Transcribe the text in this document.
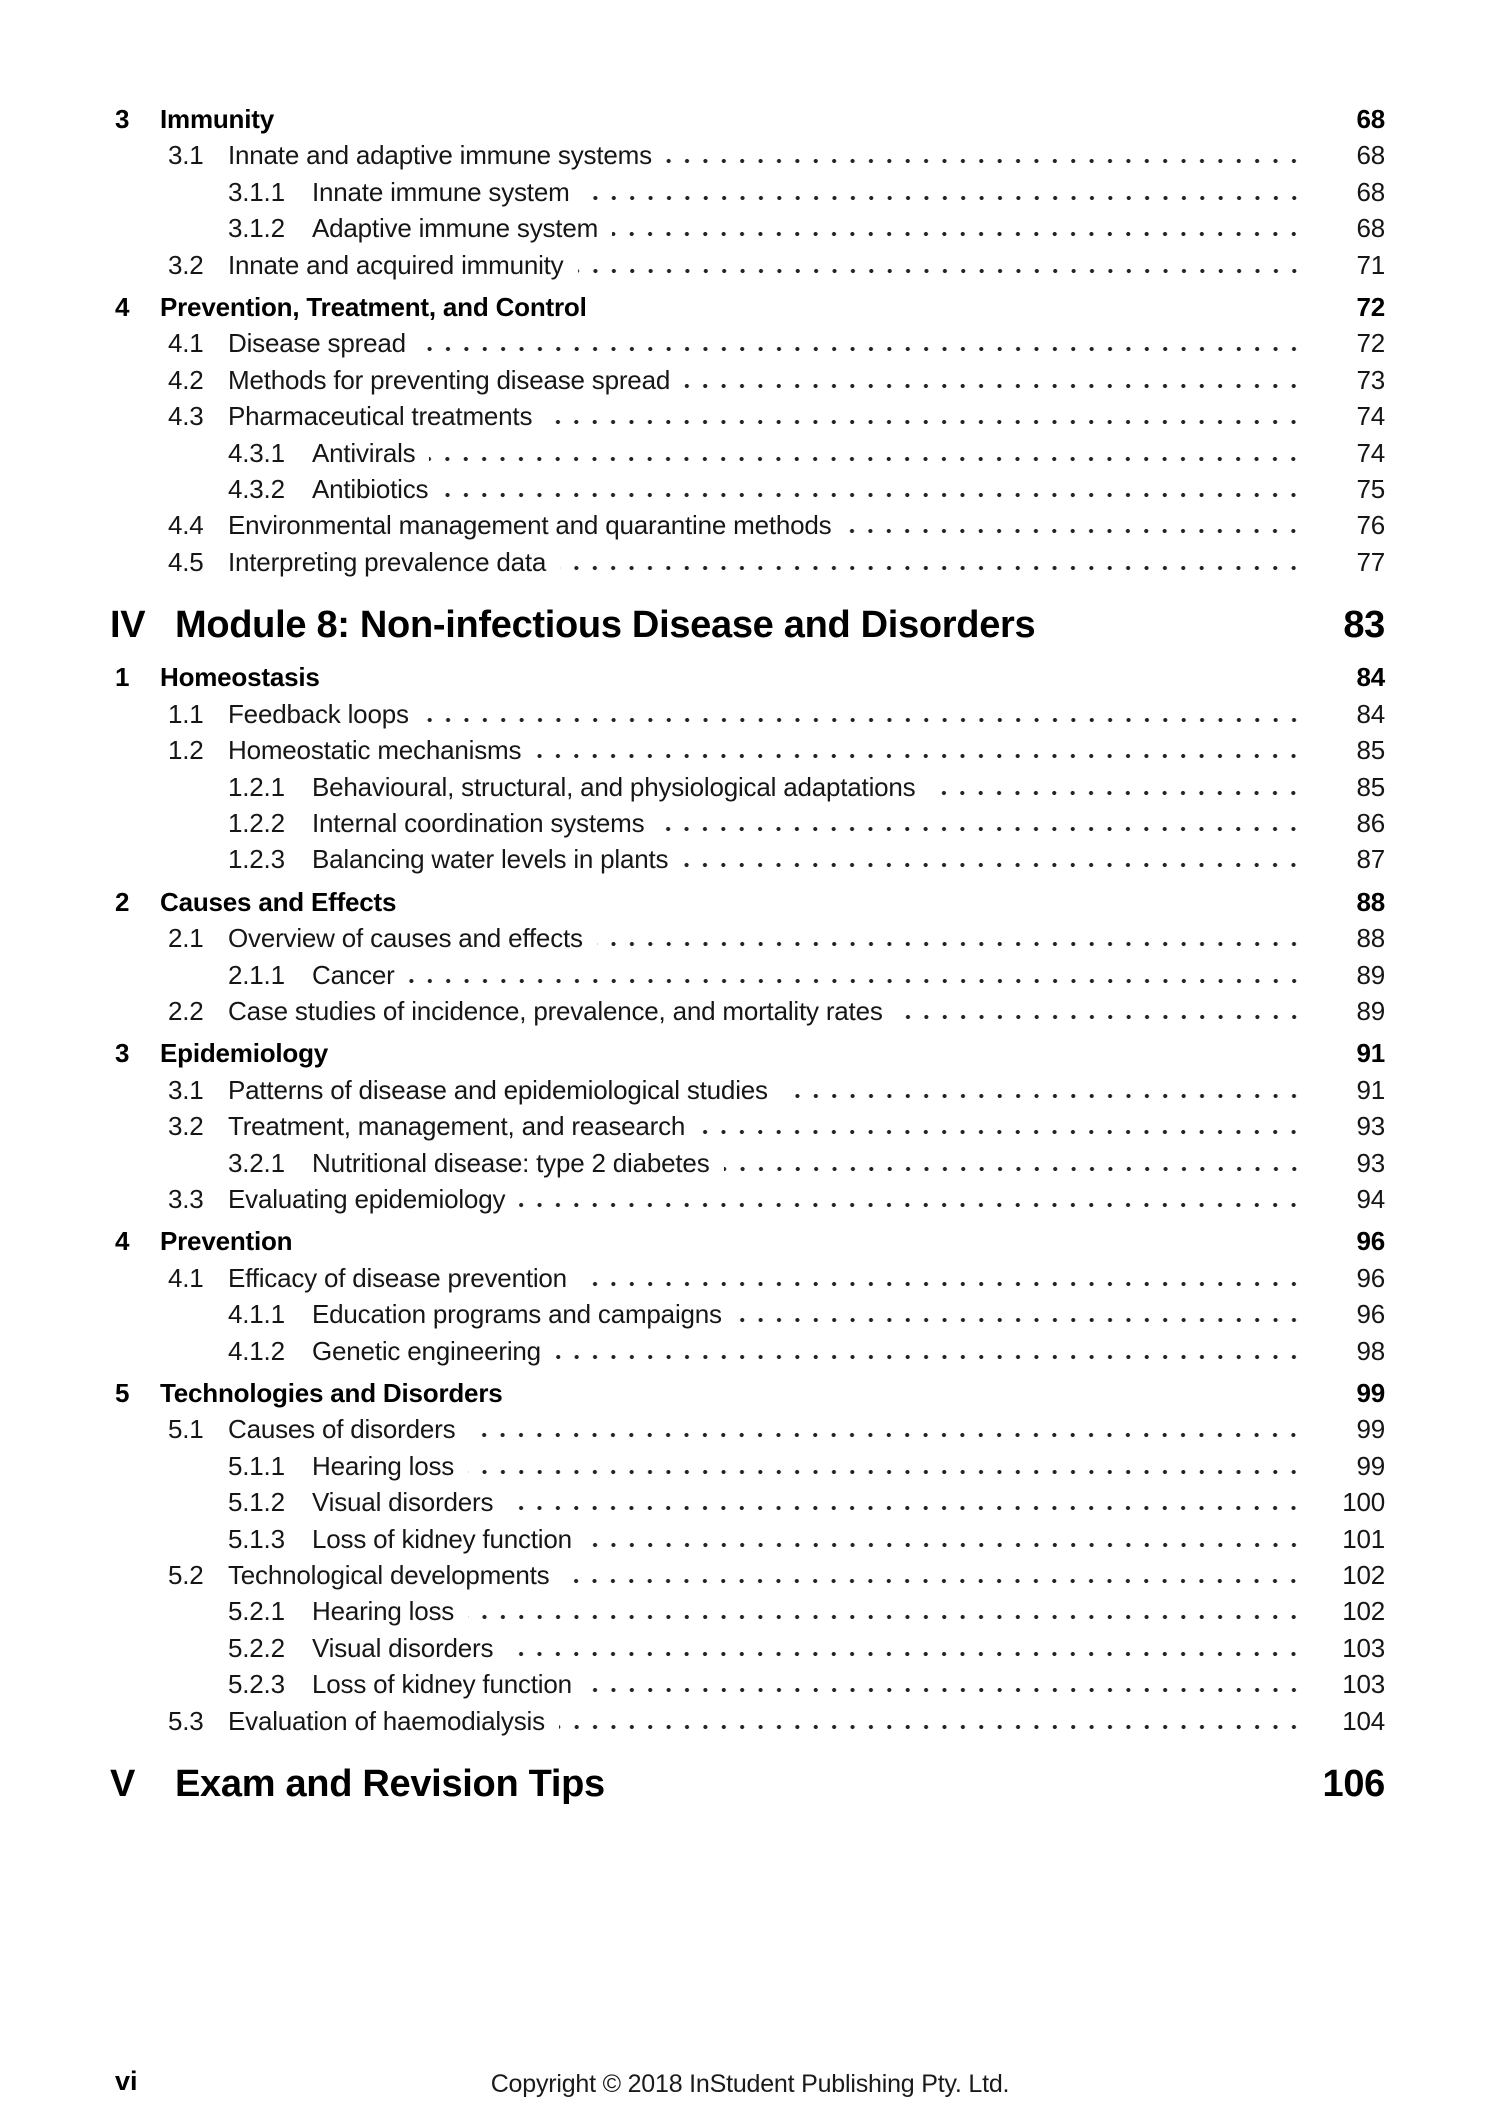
3	Immunity	68
3.1 Innate and adaptive immune systems	68
3.1.1	Innate immune system	68
3.1.2	Adaptive immune system	68
3.2 Innate and acquired immunity	71
4	Prevention, Treatment, and Control	72
4.1 Disease spread	72
4.2 Methods for preventing disease spread	73
4.3 Pharmaceutical treatments	74
4.3.1	Antivirals	74
4.3.2	Antibiotics	75
4.4 Environmental management and quarantine methods	76
4.5 Interpreting prevalence data	77
IV Module 8: Non-infectious Disease and Disorders	83
1	Homeostasis	84
1.1 Feedback loops	84
1.2 Homeostatic mechanisms	85
1.2.1	Behavioural, structural, and physiological adaptations	85
1.2.2	Internal coordination systems	86
1.2.3	Balancing water levels in plants	87
2	Causes and Effects	88
2.1 Overview of causes and effects	88
2.1.1	Cancer	89
2.2 Case studies of incidence, prevalence, and mortality rates	89
3	Epidemiology	91
3.1 Patterns of disease and epidemiological studies	91
3.2 Treatment, management, and reasearch	93
3.2.1	Nutritional disease: type 2 diabetes	93
3.3 Evaluating epidemiology	94
4	Prevention	96
4.1 Efficacy of disease prevention	96
4.1.1	Education programs and campaigns	96
4.1.2	Genetic engineering	98
5	Technologies and Disorders	99
5.1 Causes of disorders	99
5.1.1	Hearing loss	99
5.1.2	Visual disorders	100
5.1.3	Loss of kidney function	101
5.2 Technological developments	102
5.2.1	Hearing loss	102
5.2.2	Visual disorders	103
5.2.3	Loss of kidney function	103
5.3 Evaluation of haemodialysis	104
V	Exam and Revision Tips	106
vi	Copyright © 2018 InStudent Publishing Pty. Ltd.
